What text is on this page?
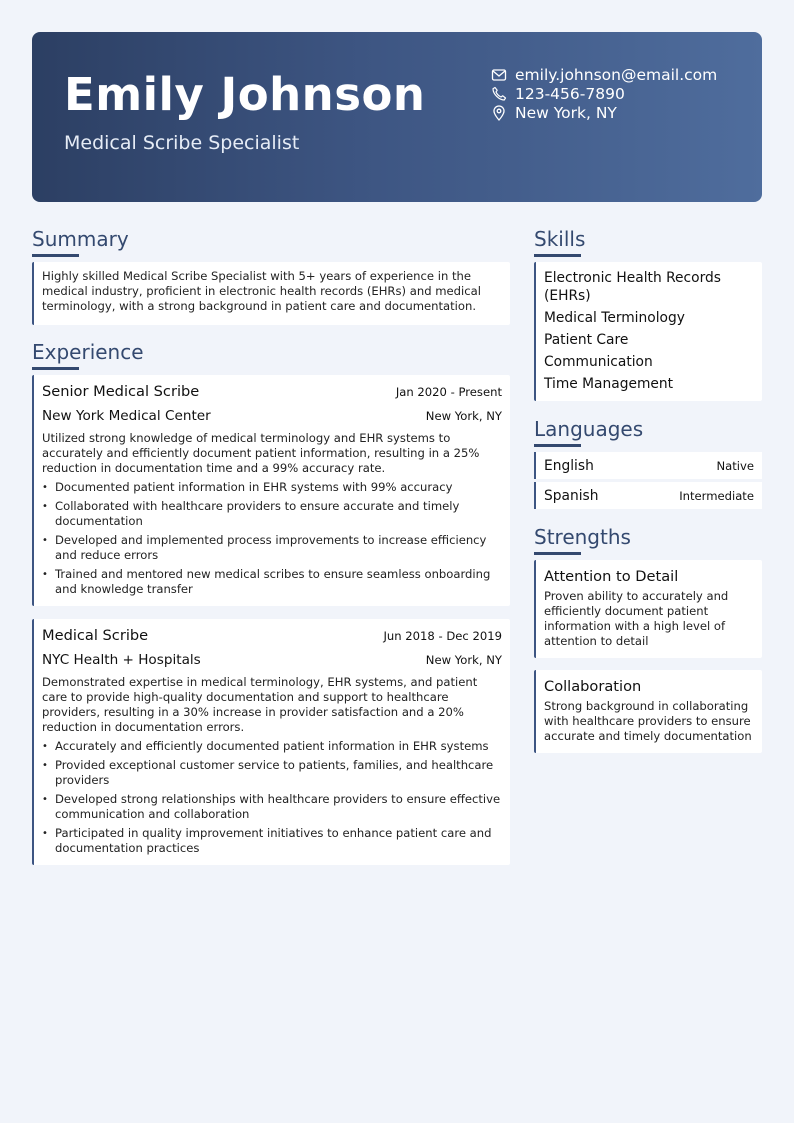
Emily Johnson
Medical Scribe Specialist
emily.johnson@email.com
123-456-7890
New York, NY
Summary
Highly skilled Medical Scribe Specialist with 5+ years of experience in the medical industry, proficient in electronic health records (EHRs) and medical terminology, with a strong background in patient care and documentation.
Experience
Senior Medical Scribe	Jan 2020 - Present
New York Medical Center	New York, NY
Utilized strong knowledge of medical terminology and EHR systems to accurately and efficiently document patient information, resulting in a 25% reduction in documentation time and a 99% accuracy rate.
• Documented patient information in EHR systems with 99% accuracy
• Collaborated with healthcare providers to ensure accurate and timely documentation
• Developed and implemented process improvements to increase efficiency and reduce errors
• Trained and mentored new medical scribes to ensure seamless onboarding and knowledge transfer
Medical Scribe	Jun 2018 - Dec 2019
NYC Health + Hospitals	New York, NY
Demonstrated expertise in medical terminology, EHR systems, and patient care to provide high-quality documentation and support to healthcare providers, resulting in a 30% increase in provider satisfaction and a 20% reduction in documentation errors.
• Accurately and efficiently documented patient information in EHR systems
• Provided exceptional customer service to patients, families, and healthcare providers
• Developed strong relationships with healthcare providers to ensure effective communication and collaboration
• Participated in quality improvement initiatives to enhance patient care and documentation practices
Skills
Electronic Health Records (EHRs)
Medical Terminology
Patient Care
Communication
Time Management
Languages
English	Native
Spanish	Intermediate
Strengths
Attention to Detail
Proven ability to accurately and efficiently document patient information with a high level of attention to detail
Collaboration
Strong background in collaborating with healthcare providers to ensure accurate and timely documentation
